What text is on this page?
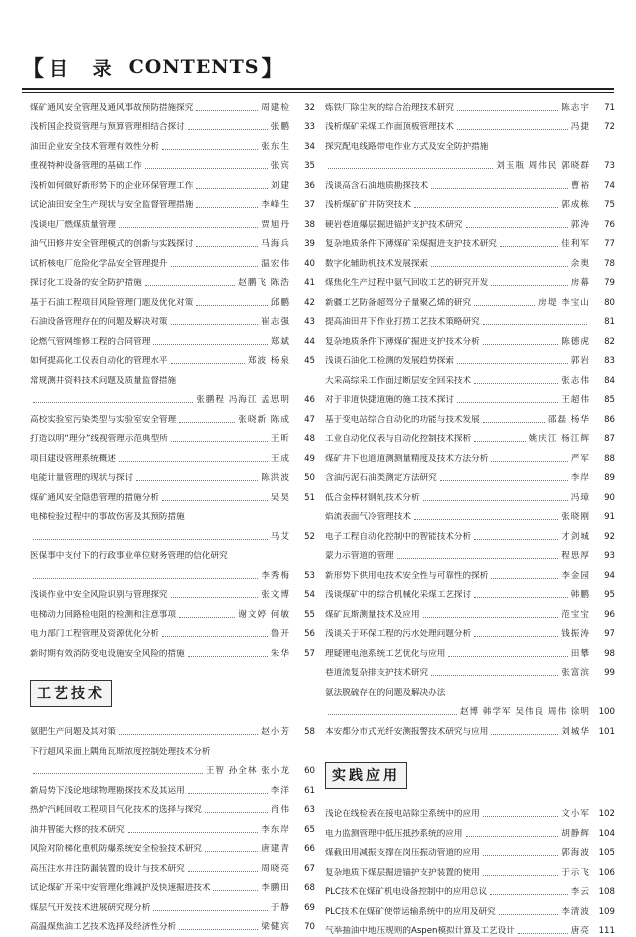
【 目 录 CONTENTS 】
煤矿通风安全管理及通风事故预防措施探究	周建检	32
浅析国企投资管理与预算管理相结合探讨	张鹏	33
油田企业安全技术管理有效性分析	张东生	34
重视特种设备管理的基础工作	张宾	35
浅析如何做好新形势下的企业环保管理工作	刘建	36
试论油田安全生产现状与安全监督管理措施	李峰生	37
浅谈电厂燃煤质量管理	贾旭丹	38
油气田修井安全管理模式的创新与实践探讨	马海兵	39
试析核电厂危险化学品安全管理提升	温宏伟	40
探讨化工设备的安全防护措施	赵鹏飞 陈浩	41
基于石油工程项目风险管理门题及优化对策	邱鹏	42
石油设备管理存在的问题及解决对策	崔志强	43
论燃气管网维修工程的合同管理	郑斌	44
如何提高化工仪表自动化的管理水平	郑波 杨泉	45
常规测井资料技术问题及质量监督措施
张鹏程 冯海江 孟思明	46
高校实验室污染类型与实验室安全管理	张晓新 陈成	47
打造以明“理分”线视管理示范典型所	王昕	48
项目建设管理系统概述	王成	49
电能计量管理的现状与探讨	陈洪波	50
煤矿通风安全隐患管理的措施分析	吴昊	51
电梯检验过程中的事故伤害及其预防措施
马艾	52
医保事中支付下的行政事业单位财务管理的信化研究
李秀梅	53
浅谈作业中安全风险识别与管理探究	张文博	54
电梯动力回路检电阻的检测和注意事项	谢文婷 何敏	55
电力部门工程管理及资源优化分析	鲁开	56
新时期有效消防变电设施安全风险的措施	朱华	57
工艺技术
氨肥生产问题及其对策	赵小芳	58
下行超风采面上隅角瓦斯浓度控制处理技术分析
王智 孙全林 张小龙	60
新局势下浅论地球物理勘探技术及其运用	李洋	61
热炉汽耗回收工程项目气化技术的选择与探究	肖伟	63
油井智能大修的技术研究	李东岸	65
风险对阶梯化重机防爆系统安全检验技术研究	唐建青	66
高压注水井注防漏装置的设计与技术研究	周晓亮	67
试论煤矿开采中安管理化维减护及快速掘进技术	李鹏田	68
煤层气开发技术进展研究现分析	于静	69
高温煤焦油工艺技术选择及经济性分析	梁健宾	70
炼铁厂除尘灰的综合治理技术研究	陈志宇	71
浅析煤矿采煤工作面顶板管理技术	冯捷	72
探究配电线路带电作业方式及安全防护措施
刘玉瓶 周伟民 郭晓群	73
浅谈高含石油地质勘探技术	曹裕	74
浅析煤矿矿井防突技术	郭成栋	75
硬岩巷道爆层掘进锚护支护技术研究	郭涛	76
复杂地质条件下薄煤矿采煤掘进支护技术研究	佳利军	77
数字化辅助机技术发展探索	余奥	78
煤焦化生产过程中氨气回收工艺的研究开发	房幕	79
新疆工艺防备超驾分子量聚乙烯的研究	房堤 李宝山	80
提高油田井下作业打捞工艺技术策略研究	81
复杂地质条件下薄煤矿掘进支护技术分析	陈德虎	82
浅谈石油化工检测的发展趋势探索	郭岩	83
大采高综采工作面过断层安全回采技术	张志伟	84
对于非道快捷道施的施工技术探讨	王超伟	85
基于变电站综合自动化的功能与技术发展	邵磊 杨华	86
工业自动化仪表与自动化控制技术探析	姚庆江 杨江辉	87
煤矿井下也道道测测量精度及技术方法分析	严军	88
含油污泥石油类测定方法研究	李岸	89
低合金棒材钢轧技术分析	冯璋	90
焰流表面气冷管理技术	张晓刚	91
电子工程自动化控制中的智能技术分析	才剑城	92
蒙力示管道的管理	程思厚	93
新形势下供用电技术安全性与可靠性的探析	李金园	94
浅谈煤矿中的综合机械化采煤工艺探讨	韩鹏	95
煤矿瓦斯测量技术及应用	范宝宝	96
浅谈关于环保工程的污水处理问题分析	钱振涛	97
理疑锂电池系统工艺优化与应用	田攀	98
巷道流复杂排支护技术研究	张富滨	99
氨法脱硫存在的问题及解决办法
赵博 韩学军 吴伟良 周伟 徐明 100
本安都分市式光纤安测报警技术研究与应用	刘城华 101
实践应用
浅论在线检表在接电站除尘系统中的应用	文小军 102
电力监测管理中低压抵抄系统的应用	胡静辉 104
煤截田用减振支撑在岗压振动管道的应用	郭海波 105
复杂地质下煤层掘进锚护支护装置的使用	于示飞 106
PLC技术在煤矿机电设备控制中的应用总议	李云 108
PLC技术在煤矿使带运输系统中的应用及研究	李清波 109
气举抽油中地压规则的Aspen模拟计算及工艺设计	唐亮 111
